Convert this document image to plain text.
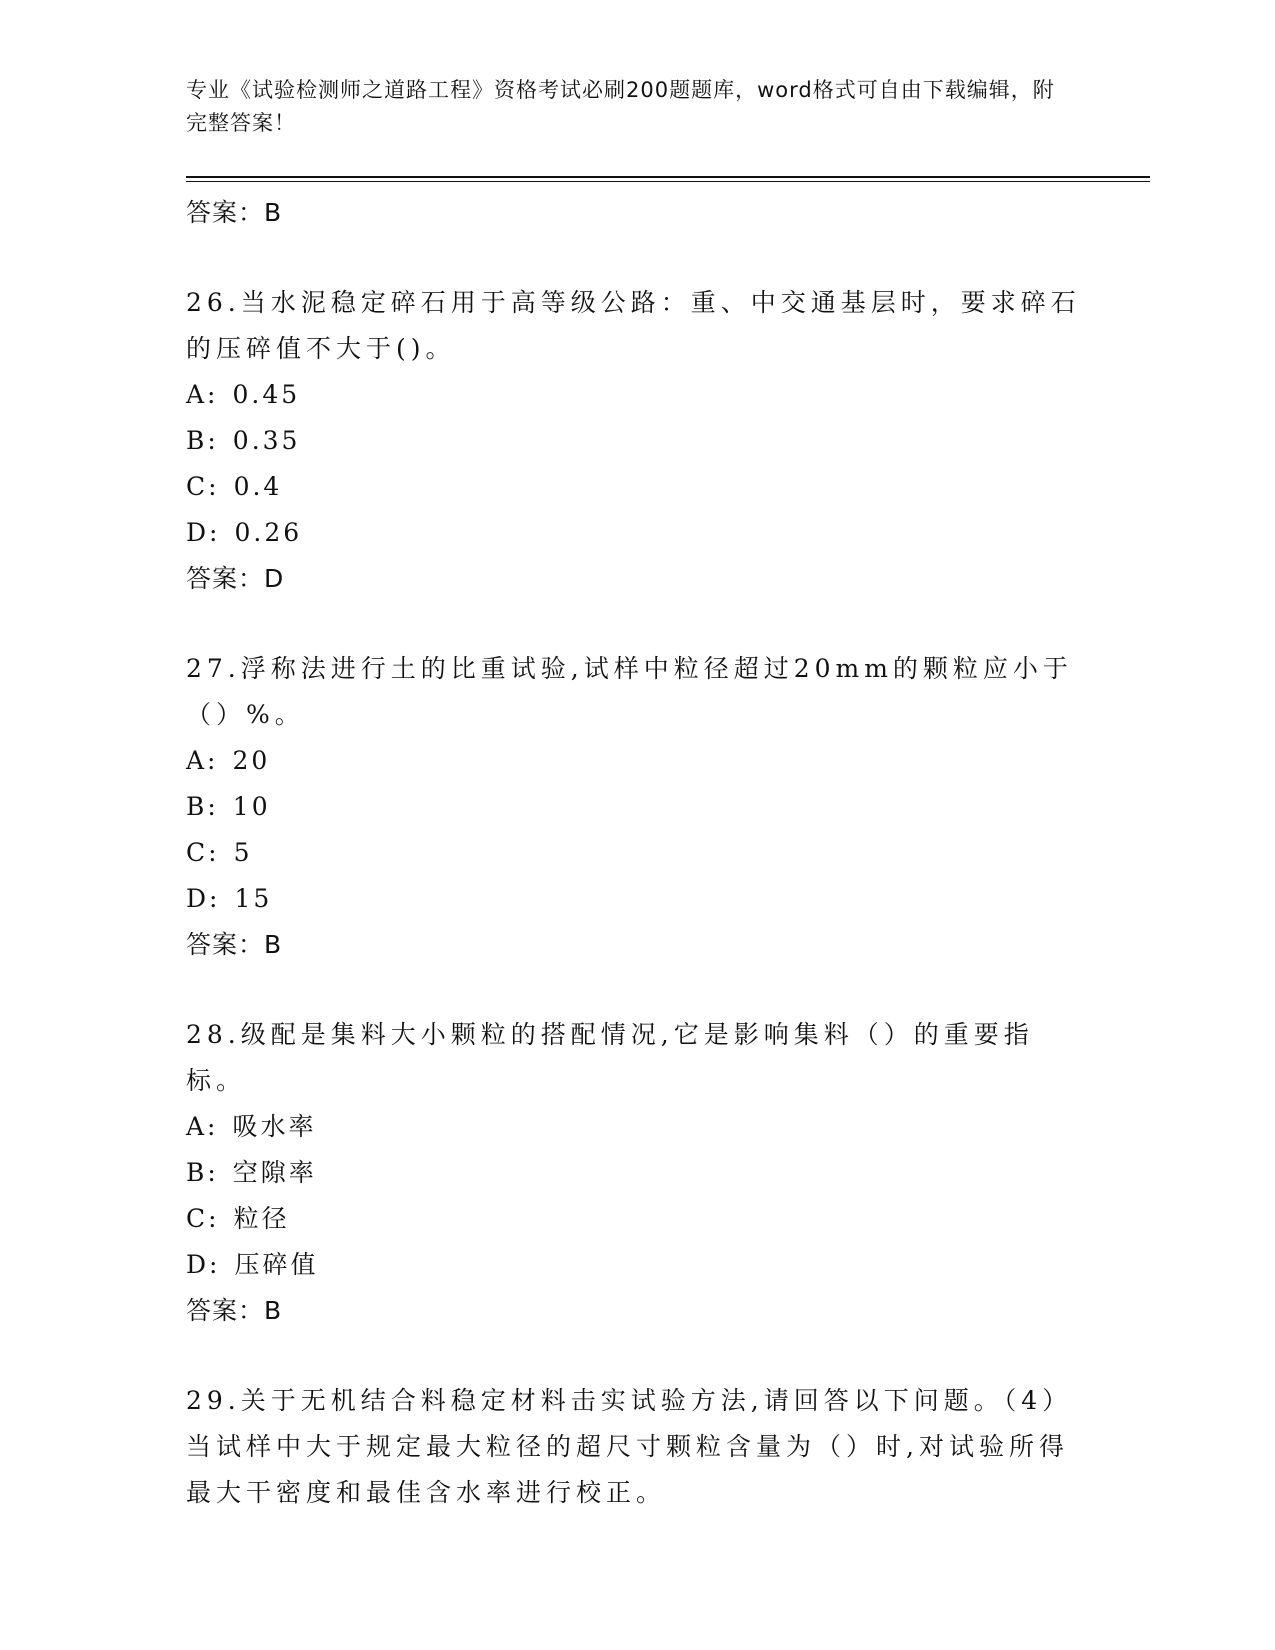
专业《试验检测师之道路工程》资格考试必刷200题题库，word格式可自由下载编辑，附完整答案！
答案：B
26.当水泥稳定碎石用于高等级公路：重、中交通基层时，要求碎石的压碎值不大于()。
A: 0.45
B: 0.35
C: 0.4
D: 0.26
答案：D
27.浮称法进行土的比重试验,试样中粒径超过20mm的颗粒应小于（）%。
A: 20
B: 10
C: 5
D: 15
答案：B
28.级配是集料大小颗粒的搭配情况,它是影响集料（）的重要指标。
A: 吸水率
B: 空隙率
C: 粒径
D: 压碎值
答案：B
29.关于无机结合料稳定材料击实试验方法,请回答以下问题。（4）当试样中大于规定最大粒径的超尺寸颗粒含量为（）时,对试验所得最大干密度和最佳含水率进行校正。
